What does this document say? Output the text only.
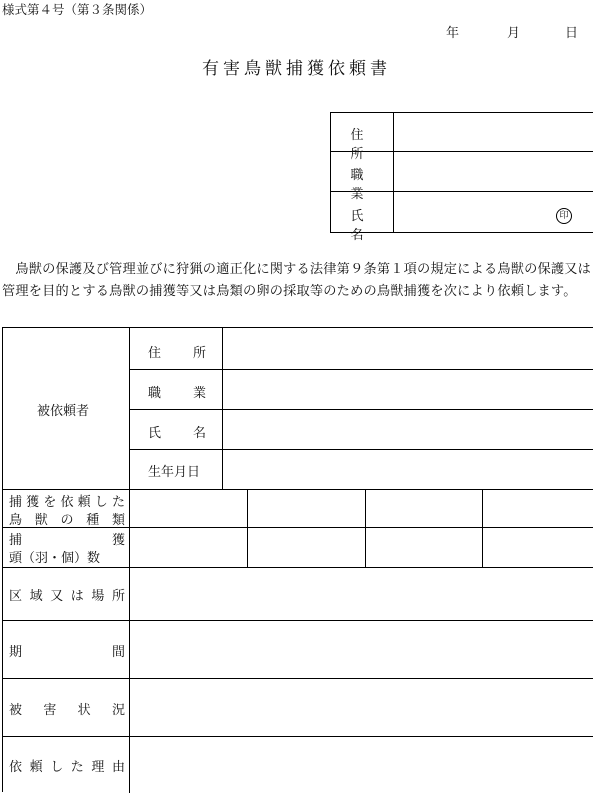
様式第４号（第３条関係）
年	月	日
有害鳥獣捕獲依頼書
住　所
職　業
氏　名
印
　鳥獣の保護及び管理並びに狩猟の適正化に関する法律第９条第１項の規定による鳥獣の保護又は管理を目的とする鳥獣の捕獲等又は鳥類の卵の採取等のための鳥獣捕獲を次により依頼します。
被依頼者
住 所
職 業
氏 名
生年月日
捕 獲 を 依 頼 し た
鳥 獣 の 種 類
捕	獲
頭（羽・個）数
区 域 又 は 場 所
期	間
被 害 状 況
依 頼 し た 理 由
